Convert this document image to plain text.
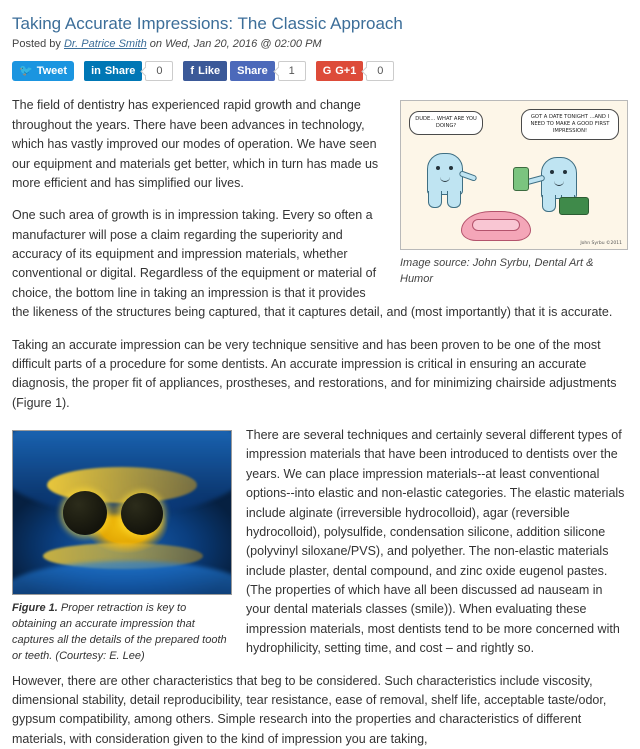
Taking Accurate Impressions: The Classic Approach
Posted by Dr. Patrice Smith on Wed, Jan 20, 2016 @ 02:00 PM
🐦 Tweet in Share	0	f Like Share	1	G G+1	0
DUDE... WHAT ARE YOU DOING?
GOT A DATE TONIGHT ...AND I NEED TO MAKE A GOOD FIRST IMPRESSION!
John Syrbu ©2011
Image source: John Syrbu, Dental Art & Humor

The field of dentistry has experienced rapid growth and change throughout the years. There have been advances in technology, which has vastly improved our modes of operation. We have seen our equipment and materials get better, which in turn has made us more efficient and has simplified our lives.

One such area of growth is in impression taking. Every so often a manufacturer will pose a claim regarding the superiority and accuracy of its equipment and impression materials, whether conventional or digital. Regardless of the equipment or material of choice, the bottom line in taking an impression is that it provides the likeness of the structures being captured, that it captures detail, and (most importantly) that it is accurate.

Taking an accurate impression can be very technique sensitive and has been proven to be one of the most difficult parts of a procedure for some dentists. An accurate impression is critical in ensuring an accurate diagnosis, the proper fit of appliances, prostheses, and restorations, and for minimizing chairside adjustments (Figure 1).

Figure 1. Proper retraction is key to obtaining an accurate impression that captures all the details of the prepared tooth or teeth. (Courtesy: E. Lee)

There are several techniques and certainly several different types of impression materials that have been introduced to dentists over the years. We can place impression materials--at least conventional options--into elastic and non-elastic categories. The elastic materials include alginate (irreversible hydrocolloid), agar (reversible hydrocolloid), polysulfide, condensation silicone, addition silicone (polyvinyl siloxane/PVS), and polyether. The non-elastic materials include plaster, dental compound, and zinc oxide eugenol pastes. (The properties of which have all been discussed ad nauseam in your dental materials classes (smile)). When evaluating these impression materials, most dentists tend to be more concerned with hydrophilicity, setting time, and cost – and rightly so.

However, there are other characteristics that beg to be considered. Such characteristics include viscosity, dimensional stability, detail reproducibility, tear resistance, ease of removal, shelf life, acceptable taste/odor, gypsum compatibility, among others. Simple research into the properties and characteristics of different materials, with consideration given to the kind of impression you are taking,
